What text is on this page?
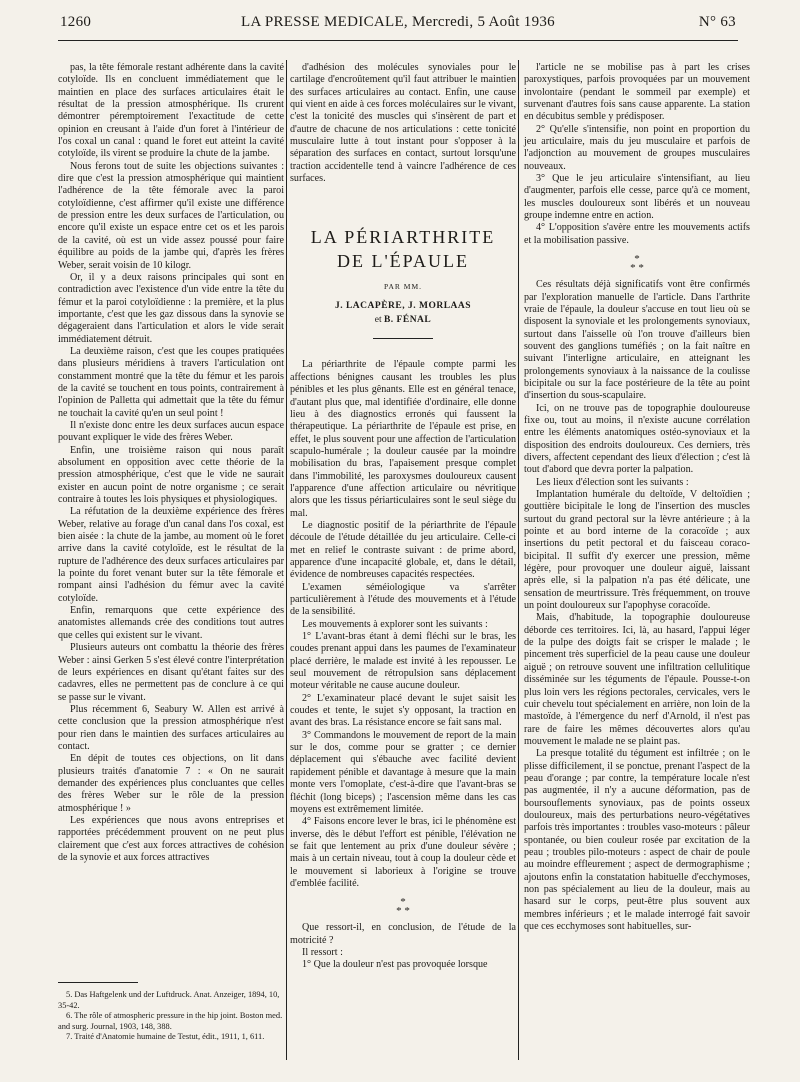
1260	LA PRESSE MEDICALE, Mercredi, 5 Août 1936	N° 63

pas, la tête fémorale restant adhérente dans la cavité cotyloïde. Ils en concluent immédiatement que le maintien en place des surfaces articulaires était le résultat de la pression atmosphérique. Ils crurent démontrer péremptoirement l'exactitude de cette opinion en creusant à l'aide d'un foret à l'intérieur de l'os coxal un canal : quand le foret eut atteint la cavité cotyloïde, ils virent se produire la chute de la jambe.

Nous ferons tout de suite les objections suivantes : dire que c'est la pression atmosphérique qui maintient l'adhérence de la tête fémorale avec la paroi cotyloïdienne, c'est affirmer qu'il existe une différence de pression entre les deux surfaces de l'articulation, ou encore qu'il existe un espace entre cet os et les parois de la cavité, où est un vide assez poussé pour faire équilibre au poids de la jambe qui, d'après les frères Weber, serait voisin de 10 kilogr.

Or, il y a deux raisons principales qui sont en contradiction avec l'existence d'un vide entre la tête du fémur et la paroi cotyloïdienne : la première, et la plus importante, c'est que les gaz dissous dans la synovie se dégageraient dans l'articulation et alors le vide serait immédiatement détruit.

La deuxième raison, c'est que les coupes pratiquées dans plusieurs méridiens à travers l'articulation ont constamment montré que la tête du fémur et les parois de la cavité se touchent en tous points, contrairement à l'opinion de Palletta qui admettait que la tête du fémur ne touchait la cavité qu'en un seul point !

Il n'existe donc entre les deux surfaces aucun espace pouvant expliquer le vide des frères Weber.

Enfin, une troisième raison qui nous paraît absolument en opposition avec cette théorie de la pression atmosphérique, c'est que le vide ne saurait exister en aucun point de notre organisme ; ce serait contraire à toutes les lois physiques et physiologiques.

La réfutation de la deuxième expérience des frères Weber, relative au forage d'un canal dans l'os coxal, est bien aisée : la chute de la jambe, au moment où le foret arrive dans la cavité cotyloïde, est le résultat de la rupture de l'adhérence des deux surfaces articulaires par la pointe du foret venant buter sur la tête fémorale et rompant ainsi l'adhésion du fémur avec la cavité cotyloïde.

Enfin, remarquons que cette expérience des anatomistes allemands crée des conditions tout autres que celles qui existent sur le vivant.

Plusieurs auteurs ont combattu la théorie des frères Weber : ainsi Gerken 5 s'est élevé contre l'interprétation de leurs expériences en disant qu'étant faites sur des cadavres, elles ne permettent pas de conclure à ce qui se passe sur le vivant.

Plus récemment 6, Seabury W. Allen est arrivé à cette conclusion que la pression atmosphérique n'est pour rien dans le maintien des surfaces articulaires au contact.

En dépit de toutes ces objections, on lit dans plusieurs traités d'anatomie 7 : « On ne saurait demander des expériences plus concluantes que celles des frères Weber sur le rôle de la pression atmosphérique ! »

Les expériences que nous avons entreprises et rapportées précédemment prouvent on ne peut plus clairement que c'est aux forces attractives de cohésion de la synovie et aux forces attractives

5. Das Haftgelenk und der Luftdruck. Anat. Anzeiger, 1894, 10, 35-42.

6. The rôle of atmospheric pressure in the hip joint. Boston med. and surg. Journal, 1903, 148, 388.

7. Traité d'Anatomie humaine de Testut, édit., 1911, 1, 611.

d'adhésion des molécules synoviales pour le cartilage d'encroûtement qu'il faut attribuer le maintien des surfaces articulaires au contact. Enfin, une cause qui vient en aide à ces forces moléculaires sur le vivant, c'est la tonicité des muscles qui s'insèrent de part et d'autre de chacune de nos articulations : cette tonicité musculaire lutte à tout instant pour s'opposer à la séparation des surfaces en contact, surtout lorsqu'une traction accidentelle tend à vaincre l'adhérence de ces surfaces.

LA PÉRIARTHRITE
DE L'ÉPAULE
PAR MM.
J. LACAPÈRE, J. MORLAAS
et B. FÉNAL

La périarthrite de l'épaule compte parmi les affections bénignes causant les troubles les plus pénibles et les plus gênants. Elle est en général tenace, d'autant plus que, mal identifiée d'ordinaire, elle donne lieu à des diagnostics erronés qui faussent la thérapeutique. La périarthrite de l'épaule est prise, en effet, le plus souvent pour une affection de l'articulation scapulo-humérale ; la douleur causée par la moindre mobilisation du bras, l'apaisement presque complet dans l'immobilité, les paroxysmes douloureux causent l'apparence d'une affection articulaire ou névritique alors que les tissus périarticulaires sont le seul siège du mal.

Le diagnostic positif de la périarthrite de l'épaule découle de l'étude détaillée du jeu articulaire. Celle-ci met en relief le contraste suivant : de prime abord, apparence d'une incapacité globale, et, dans le détail, évidence de nombreuses capacités respectées.

L'examen séméiologique va s'arrêter particulièrement à l'étude des mouvements et à l'étude de la sensibilité.

Les mouvements à explorer sont les suivants :

1° L'avant-bras étant à demi fléchi sur le bras, les coudes prenant appui dans les paumes de l'examinateur placé derrière, le malade est invité à les repousser. Le seul mouvement de rétropulsion sans déplacement moteur véritable ne cause aucune douleur.

2° L'examinateur placé devant le sujet saisit les coudes et tente, le sujet s'y opposant, la traction en avant des bras. La résistance encore se fait sans mal.

3° Commandons le mouvement de report de la main sur le dos, comme pour se gratter ; ce dernier déplacement qui s'ébauche avec facilité devient rapidement pénible et davantage à mesure que la main monte vers l'omoplate, c'est-à-dire que l'avant-bras se fléchit (long biceps) ; l'ascension même dans les cas moyens est extrêmement limitée.

4° Faisons encore lever le bras, ici le phénomène est inverse, dès le début l'effort est pénible, l'élévation ne se fait que lentement au prix d'une douleur sévère ; mais à un certain niveau, tout à coup la douleur cède et le mouvement si laborieux à l'origine se trouve d'emblée facilité.

*
* *

Que ressort-il, en conclusion, de l'étude de la motricité ?

Il ressort :

1° Que la douleur n'est pas provoquée lorsque

l'article ne se mobilise pas à part les crises paroxystiques, parfois provoquées par un mouvement involontaire (pendant le sommeil par exemple) et survenant d'autres fois sans cause apparente. La station en décubitus semble y prédisposer.

2° Qu'elle s'intensifie, non point en proportion du jeu articulaire, mais du jeu musculaire et parfois de l'adjonction au mouvement de groupes musculaires nouveaux.

3° Que le jeu articulaire s'intensifiant, au lieu d'augmenter, parfois elle cesse, parce qu'à ce moment, les muscles douloureux sont libérés et un nouveau groupe indemne entre en action.

4° L'opposition s'avère entre les mouvements actifs et la mobilisation passive.

*
* *

Ces résultats déjà significatifs vont être confirmés par l'exploration manuelle de l'article. Dans l'arthrite vraie de l'épaule, la douleur s'accuse en tout lieu où se disposent la synoviale et les prolongements synoviaux, surtout dans l'aisselle où l'on trouve d'ailleurs bien souvent des ganglions tuméfiés ; on la fait naître en suivant l'interligne articulaire, en atteignant les prolongements synoviaux à la naissance de la coulisse bicipitale ou sur la face postérieure de la tête au point d'insertion du sous-scapulaire.

Ici, on ne trouve pas de topographie douloureuse fixe ou, tout au moins, il n'existe aucune corrélation entre les éléments anatomiques ostéo-synoviaux et la disposition des endroits douloureux. Ces derniers, très divers, affectent cependant des lieux d'élection ; c'est là tout d'abord que devra porter la palpation.

Les lieux d'élection sont les suivants :

Implantation humérale du deltoïde, V deltoïdien ; gouttière bicipitale le long de l'insertion des muscles surtout du grand pectoral sur la lèvre antérieure ; à la pointe et au bord interne de la coracoïde ; aux insertions du petit pectoral et du faisceau coraco-bicipital. Il suffit d'y exercer une pression, même légère, pour provoquer une douleur aiguë, laissant après elle, si la palpation n'a pas été délicate, une sensation de meurtrissure. Très fréquemment, on trouve un point douloureux sur l'apophyse coracoïde.

Mais, d'habitude, la topographie douloureuse déborde ces territoires. Ici, là, au hasard, l'appui léger de la pulpe des doigts fait se crisper le malade ; le pincement très superficiel de la peau cause une douleur aiguë ; on retrouve souvent une infiltration cellulitique disséminée sur les téguments de l'épaule. Pousse-t-on plus loin vers les régions pectorales, cervicales, vers le cuir chevelu tout spécialement en arrière, non loin de la mastoïde, à l'émergence du nerf d'Arnold, il n'est pas rare de faire les mêmes découvertes alors qu'au mouvement le malade ne se plaint pas.

La presque totalité du tégument est infiltrée ; on le plisse difficilement, il se ponctue, prenant l'aspect de la peau d'orange ; par contre, la température locale n'est pas augmentée, il n'y a aucune déformation, pas de boursouflements synoviaux, pas de points osseux douloureux, mais des perturbations neuro-végétatives parfois très importantes : troubles vaso-moteurs : pâleur spontanée, ou bien couleur rosée par excitation de la peau ; troubles pilo-moteurs : aspect de chair de poule au moindre effleurement ; aspect de dermographisme ; ajoutons enfin la constatation habituelle d'ecchymoses, non pas spécialement au lieu de la douleur, mais au hasard sur le corps, peut-être plus souvent aux membres inférieurs ; et le malade interrogé fait savoir que ces ecchymoses sont habituelles, sur-
